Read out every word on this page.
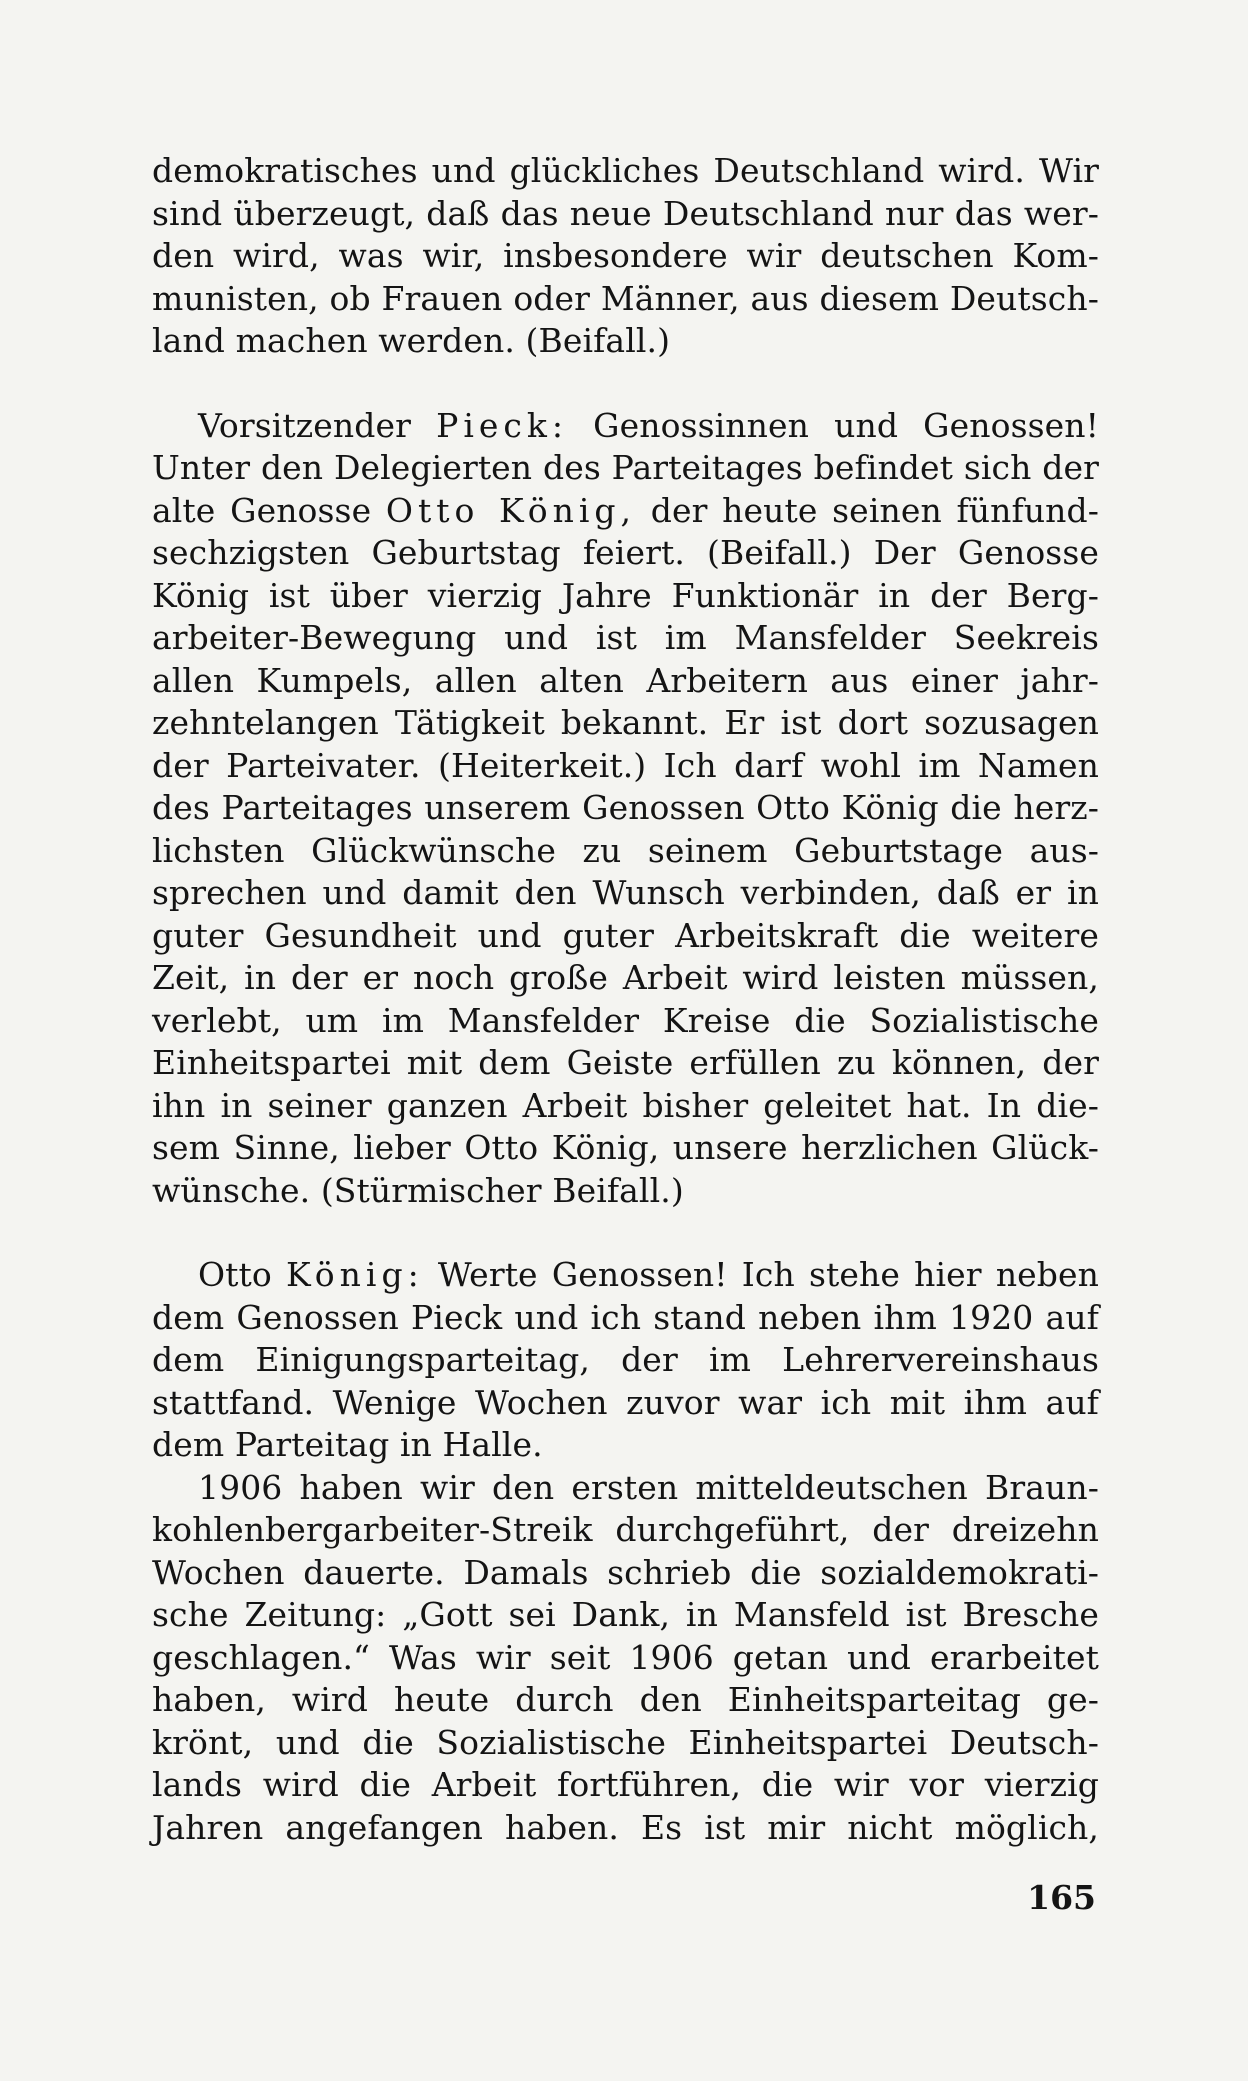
demokratisches und glückliches Deutschland wird. Wir

sind überzeugt, daß das neue Deutschland nur das wer-

den wird, was wir, insbesondere wir deutschen Kom-

munisten, ob Frauen oder Männer, aus diesem Deutsch-

land machen werden. (Beifall.)

Vorsitzender Pieck: Genossinnen und Genossen!

Unter den Delegierten des Parteitages befindet sich der

alte Genosse Otto König, der heute seinen fünfund-

sechzigsten Geburtstag feiert. (Beifall.) Der Genosse

König ist über vierzig Jahre Funktionär in der Berg-

arbeiter-Bewegung und ist im Mansfelder Seekreis

allen Kumpels, allen alten Arbeitern aus einer jahr-

zehntelangen Tätigkeit bekannt. Er ist dort sozusagen

der Parteivater. (Heiterkeit.) Ich darf wohl im Namen

des Parteitages unserem Genossen Otto König die herz-

lichsten Glückwünsche zu seinem Geburtstage aus-

sprechen und damit den Wunsch verbinden, daß er in

guter Gesundheit und guter Arbeitskraft die weitere

Zeit, in der er noch große Arbeit wird leisten müssen,

verlebt, um im Mansfelder Kreise die Sozialistische

Einheitspartei mit dem Geiste erfüllen zu können, der

ihn in seiner ganzen Arbeit bisher geleitet hat. In die-

sem Sinne, lieber Otto König, unsere herzlichen Glück-

wünsche. (Stürmischer Beifall.)

Otto König: Werte Genossen! Ich stehe hier neben

dem Genossen Pieck und ich stand neben ihm 1920 auf

dem Einigungsparteitag, der im Lehrervereinshaus

stattfand. Wenige Wochen zuvor war ich mit ihm auf

dem Parteitag in Halle.

1906 haben wir den ersten mitteldeutschen Braun-

kohlenbergarbeiter-Streik durchgeführt, der dreizehn

Wochen dauerte. Damals schrieb die sozialdemokrati-

sche Zeitung: „Gott sei Dank, in Mansfeld ist Bresche

geschlagen.“ Was wir seit 1906 getan und erarbeitet

haben, wird heute durch den Einheitsparteitag ge-

krönt, und die Sozialistische Einheitspartei Deutsch-

lands wird die Arbeit fortführen, die wir vor vierzig

Jahren angefangen haben. Es ist mir nicht möglich,

165
